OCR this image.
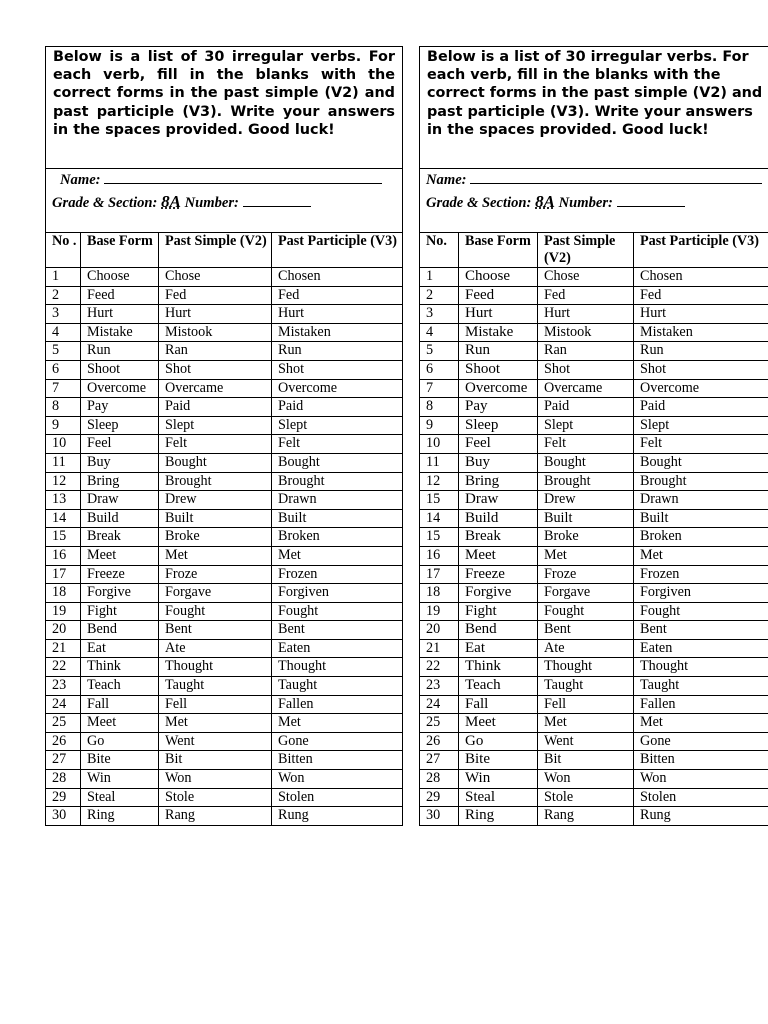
Below is a list of 30 irregular verbs. For each verb, fill in the blanks with the correct forms in the past simple (V2) and past participle (V3). Write your answers in the spaces provided. Good luck!
Name:
Grade & Section: 8A Number:
No .	Base Form	Past Simple (V2)	Past Participle (V3)
1	Choose	Chose	Chosen
2	Feed	Fed	Fed
3	Hurt	Hurt	Hurt
4	Mistake	Mistook	Mistaken
5	Run	Ran	Run
6	Shoot	Shot	Shot
7	Overcome	Overcame	Overcome
8	Pay	Paid	Paid
9	Sleep	Slept	Slept
10	Feel	Felt	Felt
11	Buy	Bought	Bought
12	Bring	Brought	Brought
13	Draw	Drew	Drawn
14	Build	Built	Built
15	Break	Broke	Broken
16	Meet	Met	Met
17	Freeze	Froze	Frozen
18	Forgive	Forgave	Forgiven
19	Fight	Fought	Fought
20	Bend	Bent	Bent
21	Eat	Ate	Eaten
22	Think	Thought	Thought
23	Teach	Taught	Taught
24	Fall	Fell	Fallen
25	Meet	Met	Met
26	Go	Went	Gone
27	Bite	Bit	Bitten
28	Win	Won	Won
29	Steal	Stole	Stolen
30	Ring	Rang	Rung
Below is a list of 30 irregular verbs. For each verb, fill in the blanks with the correct forms in the past simple (V2) and past participle (V3). Write your answers in the spaces provided. Good luck!
Name:
Grade & Section: 8A Number:
No.	Base Form	Past Simple (V2)	Past Participle (V3)
1	Choose	Chose	Chosen
2	Feed	Fed	Fed
3	Hurt	Hurt	Hurt
4	Mistake	Mistook	Mistaken
5	Run	Ran	Run
6	Shoot	Shot	Shot
7	Overcome	Overcame	Overcome
8	Pay	Paid	Paid
9	Sleep	Slept	Slept
10	Feel	Felt	Felt
11	Buy	Bought	Bought
12	Bring	Brought	Brought
15	Draw	Drew	Drawn
14	Build	Built	Built
15	Break	Broke	Broken
16	Meet	Met	Met
17	Freeze	Froze	Frozen
18	Forgive	Forgave	Forgiven
19	Fight	Fought	Fought
20	Bend	Bent	Bent
21	Eat	Ate	Eaten
22	Think	Thought	Thought
23	Teach	Taught	Taught
24	Fall	Fell	Fallen
25	Meet	Met	Met
26	Go	Went	Gone
27	Bite	Bit	Bitten
28	Win	Won	Won
29	Steal	Stole	Stolen
30	Ring	Rang	Rung
